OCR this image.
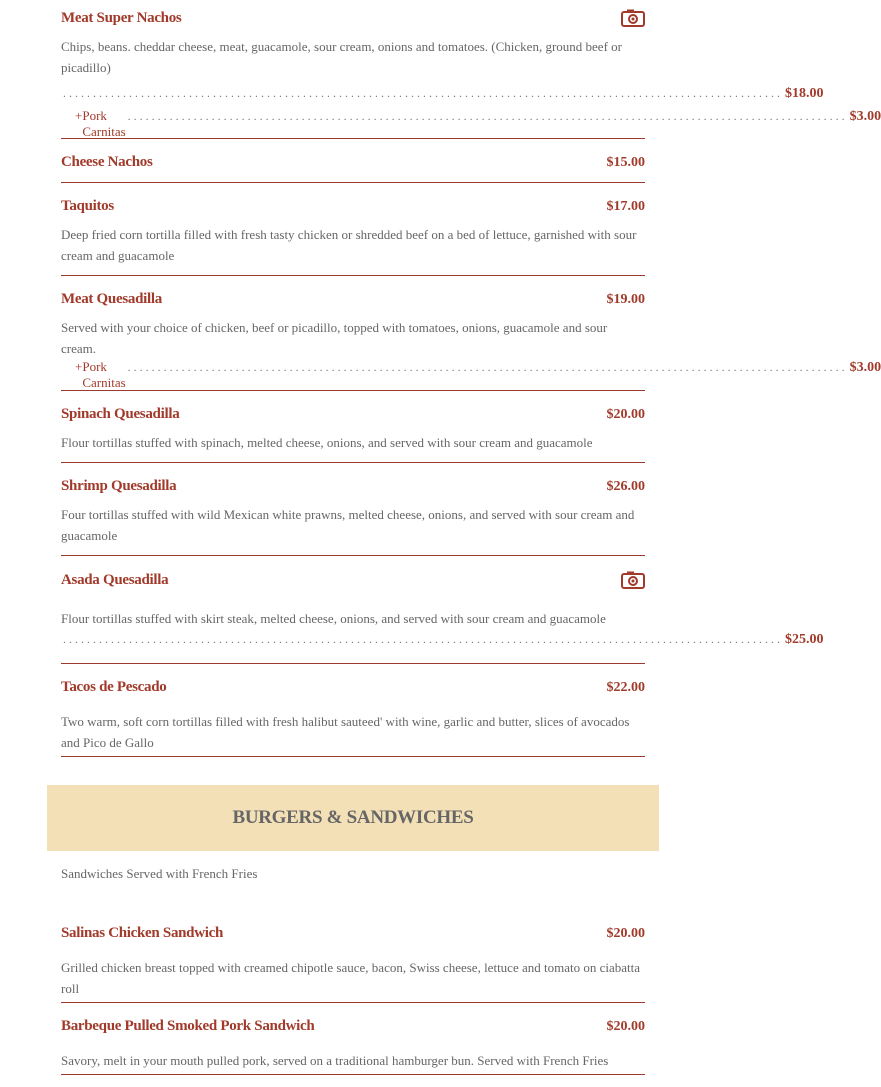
Meat Super Nachos
Chips, beans. cheddar cheese, meat, guacamole, sour cream, onions and tomatoes. (Chicken, ground beef or picadillo)
........................................................................................................................ $18.00
+ Pork Carnitas
........................................................................................................................ $3.00
Cheese Nachos	$15.00
Taquitos	$17.00
Deep fried corn tortilla filled with fresh tasty chicken or shredded beef on a bed of lettuce, garnished with sour cream and guacamole
Meat Quesadilla	$19.00
Served with your choice of chicken, beef or picadillo, topped with tomatoes, onions, guacamole and sour cream.
+ Pork Carnitas
........................................................................................................................ $3.00
Spinach Quesadilla	$20.00
Flour tortillas stuffed with spinach, melted cheese, onions, and served with sour cream and guacamole
Shrimp Quesadilla	$26.00
Four tortillas stuffed with wild Mexican white prawns, melted cheese, onions, and served with sour cream and guacamole
Asada Quesadilla
Flour tortillas stuffed with skirt steak, melted cheese, onions, and served with sour cream and guacamole
........................................................................................................................ $25.00
Tacos de Pescado	$22.00
Two warm, soft corn tortillas filled with fresh halibut sauteed' with wine, garlic and butter, slices of avocados and Pico de Gallo
BURGERS & SANDWICHES
Sandwiches Served with French Fries
Salinas Chicken Sandwich	$20.00
Grilled chicken breast topped with creamed chipotle sauce, bacon, Swiss cheese, lettuce and tomato on ciabatta roll
Barbeque Pulled Smoked Pork Sandwich	$20.00
Savory, melt in your mouth pulled pork, served on a traditional hamburger bun. Served with French Fries
